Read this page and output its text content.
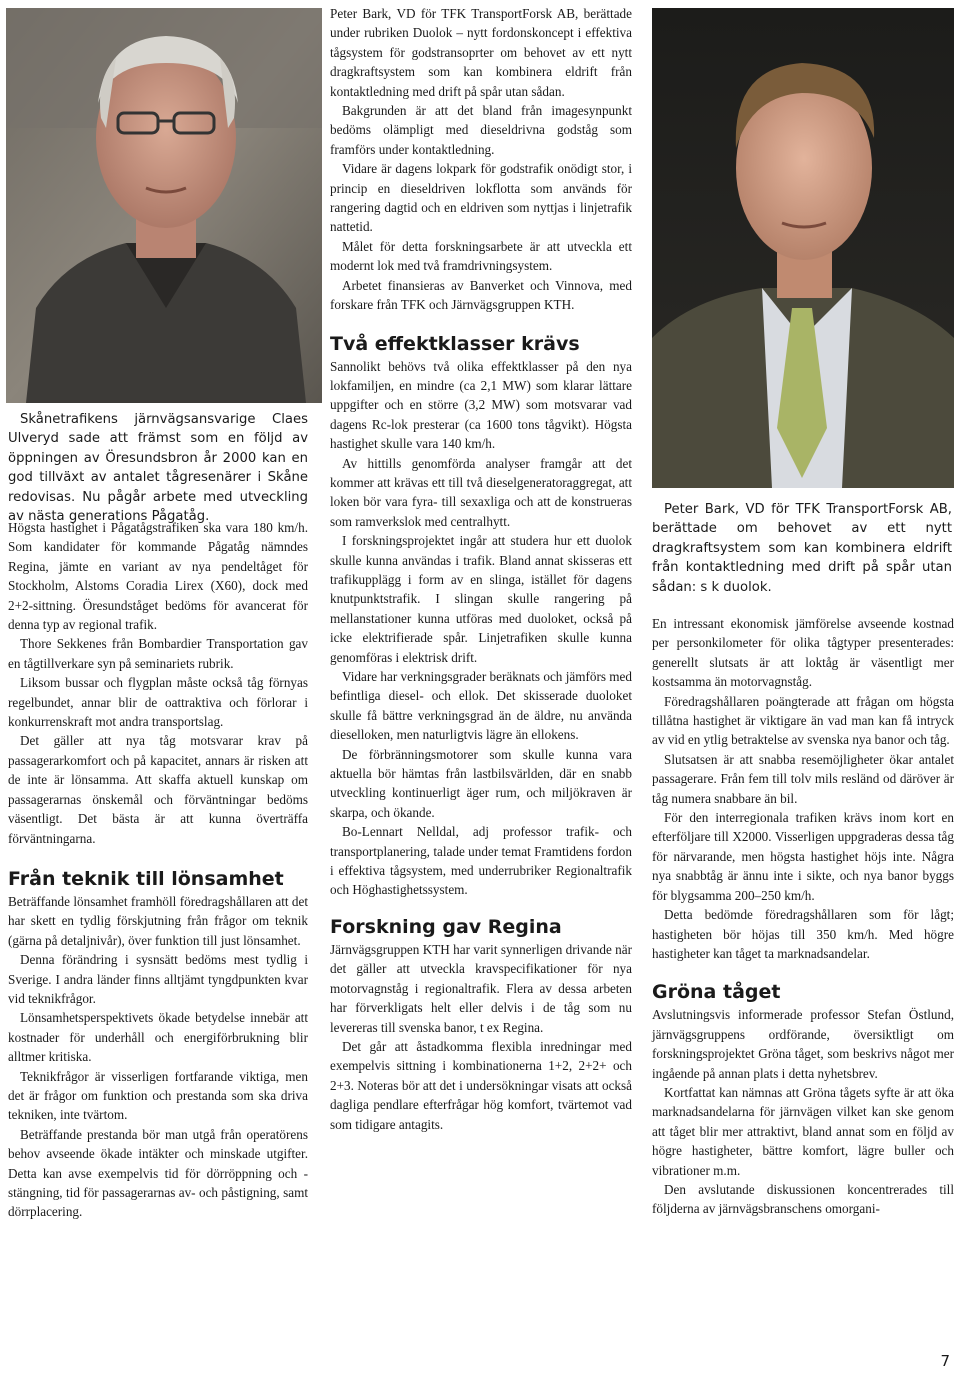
Skånetrafikens järnvägsansvarige Claes Ulveryd sade att främst som en följd av öppningen av Öresundsbron år 2000 kan en god tillväxt av antalet tågresenärer i Skåne redovisas. Nu pågår arbete med utveckling av nästa generations Pågatåg.

Högsta hastighet i Pågatågstrafiken ska vara 180 km/h. Som kandidater för kommande Pågatåg nämndes Regina, jämte en variant av nya pendeltåget för Stockholm, Alstoms Coradia Lirex (X60), dock med 2+2-sittning. Öresundståget bedöms för avancerat för denna typ av regional trafik.

Thore Sekkenes från Bombardier Transportation gav en tågtillverkare syn på seminariets rubrik.

Liksom bussar och flygplan måste också tåg förnyas regelbundet, annar blir de oattraktiva och förlorar i konkurrenskraft mot andra transportslag.

Det gäller att nya tåg motsvarar krav på passagerarkomfort och på kapacitet, annars är risken att de inte är lönsamma. Att skaffa aktuell kunskap om passagerarnas önskemål och förväntningar bedöms väsentligt. Det bästa är att kunna överträffa förväntningarna.

Från teknik till lönsamhet

Beträffande lönsamhet framhöll föredragshållaren att det har skett en tydlig förskjutning från frågor om teknik (gärna på detaljnivår), över funktion till just lönsamhet.

Denna förändring i sysnsätt bedöms mest tydlig i Sverige. I andra länder finns alltjämt tyngdpunkten kvar vid teknikfrågor.

Lönsamhetsperspektivets ökade betydelse innebär att kostnader för underhåll och energiförbrukning blir alltmer kritiska.

Teknikfrågor är visserligen fortfarande viktiga, men det är frågor om funktion och prestanda som ska driva tekniken, inte tvärtom.

Beträffande prestanda bör man utgå från operatörens behov avseende ökade intäkter och minskade utgifter. Detta kan avse exempelvis tid för dörröppning och -stängning, tid för passagerarnas av- och påstigning, samt dörrplacering.

Peter Bark, VD för TFK TransportForsk AB, berättade under rubriken Duolok – nytt fordonskoncept i effektiva tågsystem för godstransoprter om behovet av ett nytt dragkraftsystem som kan kombinera eldrift från kontaktledning med drift på spår utan sådan.

Bakgrunden är att det bland från imagesynpunkt bedöms olämpligt med dieseldrivna godståg som framförs under kontaktledning.

Vidare är dagens lokpark för godstrafik onödigt stor, i princip en dieseldriven lokflotta som används för rangering dagtid och en eldriven som nyttjas i linjetrafik nattetid.

Målet för detta forskningsarbete är att utveckla ett modernt lok med två framdrivningsystem.

Arbetet finansieras av Banverket och Vinnova, med forskare från TFK och Järnvägsgruppen KTH.

Två effektklasser krävs

Sannolikt behövs två olika effektklasser på den nya lokfamiljen, en mindre (ca 2,1 MW) som klarar lättare uppgifter och en större (3,2 MW) som motsvarar vad dagens Rc-lok presterar (ca 1600 tons tågvikt). Högsta hastighet skulle vara 140 km/h.

Av hittills genomförda analyser framgår att det kommer att krävas ett till två dieselgeneratoraggregat, att loken bör vara fyra- till sexaxliga och att de konstrueras som ramverkslok med centralhytt.

I forskningsprojektet ingår att studera hur ett duolok skulle kunna användas i trafik. Bland annat skisseras ett trafikupplägg i form av en slinga, istället för dagens knutpunktstrafik. I slingan skulle rangering på mellanstationer kunna utföras med duoloket, också på icke elektrifierade spår. Linjetrafiken skulle kunna genomföras i elektrisk drift.

Vidare har verkningsgrader beräknats och jämförs med befintliga diesel- och ellok. Det skisserade duoloket skulle få bättre verkningsgrad än de äldre, nu använda dieselloken, men naturligtvis lägre än ellokens.

De förbränningsmotorer som skulle kunna vara aktuella bör hämtas från lastbilsvärlden, där en snabb utveckling kontinuerligt äger rum, och miljökraven är skarpa, och ökande.

Bo-Lennart Nelldal, adj professor trafik- och transportplanering, talade under temat Framtidens fordon i effektiva tågsystem, med underrubriker Regionaltrafik och Höghastighetssystem.

Forskning gav Regina

Järnvägsgruppen KTH har varit synnerligen drivande när det gäller att utveckla kravspecifikationer för nya motorvagnståg i regionaltrafik. Flera av dessa arbeten har förverkligats helt eller delvis i de tåg som nu levereras till svenska banor, t ex Regina.

Det går att åstadkomma flexibla inredningar med exempelvis sittning i kombinationerna 1+2, 2+2+ och 2+3. Noteras bör att det i undersökningar visats att också dagliga pendlare efterfrågar hög komfort, tvärtemot vad som tidigare antagits.

Peter Bark, VD för TFK TransportForsk AB, berättade om behovet av ett nytt dragkraftsystem som kan kombinera eldrift från kontaktledning med drift på spår utan sådan: s k duolok.

En intressant ekonomisk jämförelse avseende kostnad per personkilometer för olika tågtyper presenterades: generellt slutsats är att loktåg är väsentligt mer kostsamma än motorvagnståg.

Föredragshållaren poängterade att frågan om högsta tillåtna hastighet är viktigare än vad man kan få intryck av vid en ytlig betraktelse av svenska nya banor och tåg.

Slutsatsen är att snabba resemöjligheter ökar antalet passagerare. Från fem till tolv mils resländ od däröver är tåg numera snabbare än bil.

För den interregionala trafiken krävs inom kort en efterföljare till X2000. Visserligen uppgraderas dessa tåg för närvarande, men högsta hastighet höjs inte. Några nya snabbtåg är ännu inte i sikte, och nya banor byggs för blygsamma 200–250 km/h.

Detta bedömde föredragshållaren som för lågt; hastigheten bör höjas till 350 km/h. Med högre hastigheter kan tåget ta marknadsandelar.

Gröna tåget

Avslutningsvis informerade professor Stefan Östlund, järnvägsgruppens ordförande, översiktligt om forskningsprojektet Gröna tåget, som beskrivs något mer ingående på annan plats i detta nyhetsbrev.

Kortfattat kan nämnas att Gröna tågets syfte är att öka marknadsandelarna för järnvägen vilket kan ske genom att tåget blir mer attraktivt, bland annat som en följd av högre hastigheter, bättre komfort, lägre buller och vibrationer m.m.

Den avslutande diskussionen koncentrerades till följderna av järnvägsbranschens omorgani-

7
